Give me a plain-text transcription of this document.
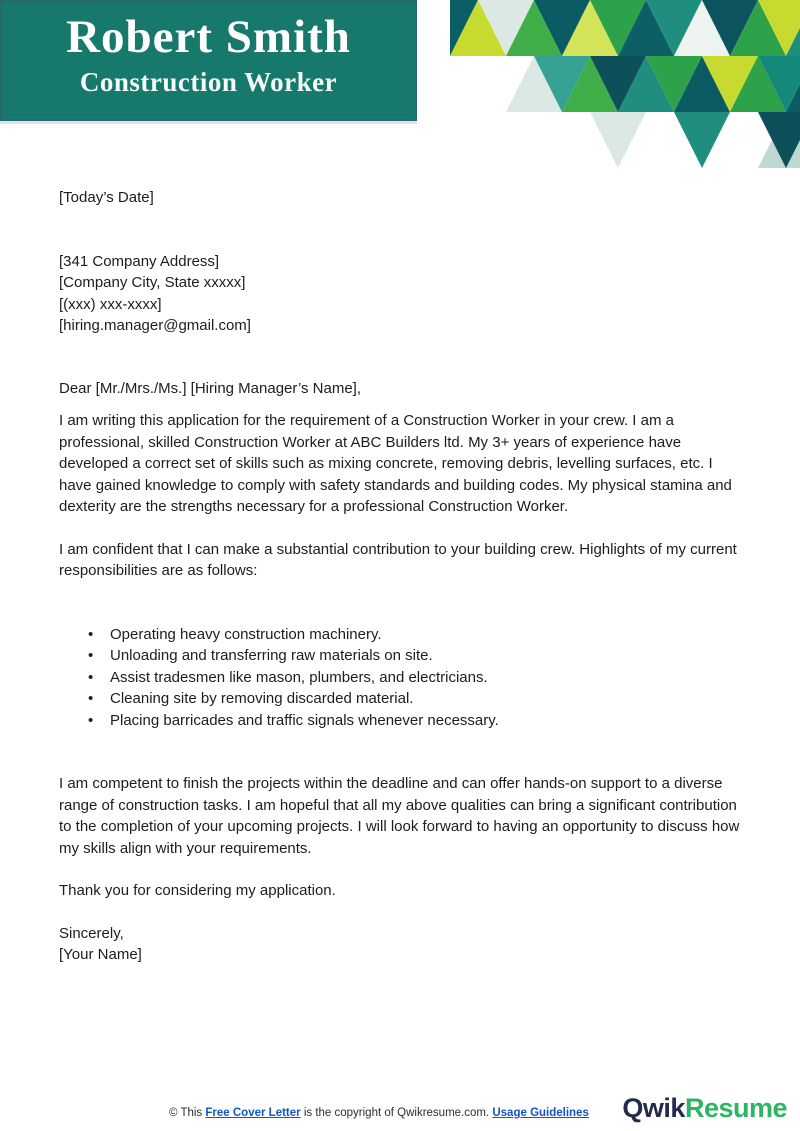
Robert Smith
Construction Worker
[Today’s Date]
[341 Company Address]
[Company City, State xxxxx]
[(xxx) xxx-xxxx]
[hiring.manager@gmail.com]
Dear [Mr./Mrs./Ms.] [Hiring Manager’s Name],

I am writing this application for the requirement of a Construction Worker in your crew. I am a professional, skilled Construction Worker at ABC Builders ltd. My 3+ years of experience have developed a correct set of skills such as mixing concrete, removing debris, levelling surfaces, etc. I have gained knowledge to comply with safety standards and building codes. My physical stamina and dexterity are the strengths necessary for a professional Construction Worker.

I am confident that I can make a substantial contribution to your building crew. Highlights of my current responsibilities are as follows:

• Operating heavy construction machinery.
• Unloading and transferring raw materials on site.
• Assist tradesmen like mason, plumbers, and electricians.
• Cleaning site by removing discarded material.
• Placing barricades and traffic signals whenever necessary.

I am competent to finish the projects within the deadline and can offer hands-on support to a diverse range of construction tasks. I am hopeful that all my above qualities can bring a significant contribution to the completion of your upcoming projects. I will look forward to having an opportunity to discuss how my skills align with your requirements.

Thank you for considering my application.
Sincerely,
[Your Name]
© This Free Cover Letter is the copyright of Qwikresume.com. Usage Guidelines QwikResume
